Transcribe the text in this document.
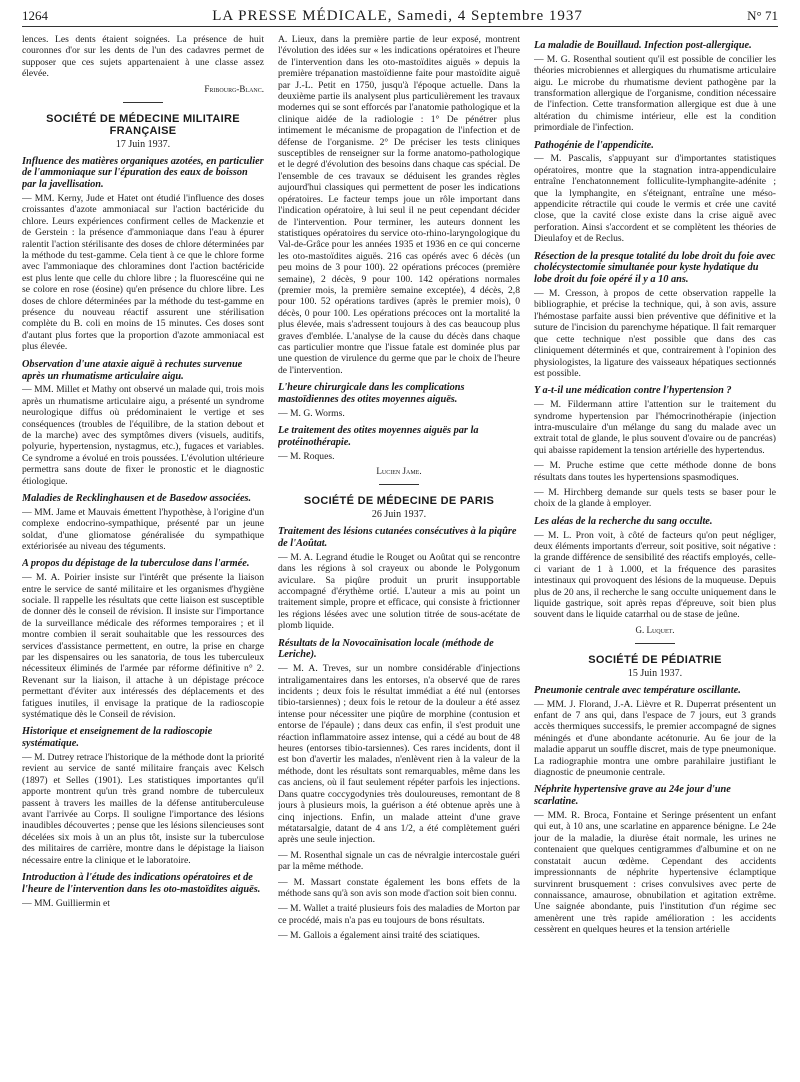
1264	LA PRESSE MÉDICALE, Samedi, 4 Septembre 1937	N° 71

lences. Les dents étaient soignées. La présence de huit couronnes d'or sur les dents de l'un des cadavres permet de supposer que ces sujets appartenaient à une classe assez élevée.

Fribourg-Blanc.
SOCIÉTÉ DE MÉDECINE MILITAIRE FRANÇAISE
17 Juin 1937.
Influence des matières organiques azotées, en particulier de l'ammoniaque sur l'épuration des eaux de boisson par la javellisation.

— MM. Kerny, Jude et Hatet ont étudié l'influence des doses croissantes d'azote ammoniacal sur l'action bactéricide du chlore. Leurs expériences confirment celles de Mackenzie et de Gerstein : la présence d'ammoniaque dans l'eau à épurer ralentit l'action stérilisante des doses de chlore déterminées par la méthode du test-gamme. Cela tient à ce que le chlore forme avec l'ammoniaque des chloramines dont l'action bactéricide est plus lente que celle du chlore libre ; la fluorescéine qui ne se colore en rose (éosine) qu'en présence du chlore libre. Les doses de chlore déterminées par la méthode du test-gamme en présence du nouveau réactif assurent une stérilisation complète du B. coli en moins de 15 minutes. Ces doses sont d'autant plus fortes que la proportion d'azote ammoniacal est plus élevée.

Observation d'une ataxie aiguë à rechutes survenue après un rhumatisme articulaire aigu.

— MM. Millet et Mathy ont observé un malade qui, trois mois après un rhumatisme articulaire aigu, a présenté un syndrome neurologique diffus où prédominaient le vertige et ses conséquences (troubles de l'équilibre, de la station debout et de la marche) avec des symptômes divers (visuels, auditifs, polyurie, hypertension, nystagmus, etc.), fugaces et variables. Ce syndrome a évolué en trois poussées. L'évolution ultérieure permettra sans doute de fixer le pronostic et le diagnostic étiologique.

Maladies de Recklinghausen et de Basedow associées.

— MM. Jame et Mauvais émettent l'hypothèse, à l'origine d'un complexe endocrino-sympathique, présenté par un jeune soldat, d'une gliomatose généralisée du sympathique extériorisée au niveau des téguments.

A propos du dépistage de la tuberculose dans l'armée.

— M. A. Poirier insiste sur l'intérêt que présente la liaison entre le service de santé militaire et les organismes d'hygiène sociale. Il rappelle les résultats que cette liaison est susceptible de donner dès le conseil de révision. Il insiste sur l'importance de la surveillance médicale des réformes temporaires ; et il montre combien il serait souhaitable que les ressources des services d'assistance permettent, en outre, la prise en charge par les dispensaires ou les sanatoria, de tous les tuberculeux nécessiteux éliminés de l'armée par réforme définitive n° 2. Revenant sur la liaison, il attache à un dépistage précoce permettant d'éviter aux intéressés des déplacements et des fatigues inutiles, il envisage la pratique de la radioscopie systématique dès le Conseil de révision.

Historique et enseignement de la radioscopie systématique.

— M. Dutrey retrace l'historique de la méthode dont la priorité revient au service de santé militaire français avec Kelsch (1897) et Selles (1901). Les statistiques importantes qu'il apporte montrent qu'un très grand nombre de tuberculeux passent à travers les mailles de la défense antituberculeuse avant l'arrivée au Corps. Il souligne l'importance des lésions inaudibles découvertes ; pense que les lésions silencieuses sont décelées six mois à un an plus tôt, insiste sur la tuberculose des militaires de carrière, montre dans le dépistage la liaison nécessaire entre la clinique et le laboratoire.

Introduction à l'étude des indications opératoires et de l'heure de l'intervention dans les oto-mastoïdites aiguës.

— MM. Guilliermin et

A. Lieux, dans la première partie de leur exposé, montrent l'évolution des idées sur « les indications opératoires et l'heure de l'intervention dans les oto-mastoïdites aiguës » depuis la première trépanation mastoïdienne faite pour mastoïdite aiguë par J.-L. Petit en 1750, jusqu'à l'époque actuelle. Dans la deuxième partie ils analysent plus particulièrement les travaux modernes qui se sont efforcés par l'anatomie pathologique et la clinique aidée de la radiologie : 1° De pénétrer plus intimement le mécanisme de propagation de l'infection et de défense de l'organisme. 2° De préciser les tests cliniques susceptibles de renseigner sur la forme anatomo-pathologique et le degré d'évolution des besoins dans chaque cas spécial. De l'ensemble de ces travaux se déduisent les grandes règles aujourd'hui classiques qui permettent de poser les indications opératoires. Le facteur temps joue un rôle important dans l'indication opératoire, à lui seul il ne peut cependant décider de l'intervention. Pour terminer, les auteurs donnent les statistiques opératoires du service oto-rhino-laryngologique du Val-de-Grâce pour les années 1935 et 1936 en ce qui concerne les oto-mastoïdites aiguës. 216 cas opérés avec 6 décès (un peu moins de 3 pour 100). 22 opérations précoces (première semaine), 2 décès, 9 pour 100. 142 opérations normales (premier mois, la première semaine exceptée), 4 décès, 2,8 pour 100. 52 opérations tardives (après le premier mois), 0 décès, 0 pour 100. Les opérations précoces ont la mortalité la plus élevée, mais s'adressent toujours à des cas beaucoup plus graves d'emblée. L'analyse de la cause du décès dans chaque cas particulier montre que l'issue fatale est dominée plus par une question de virulence du germe que par le choix de l'heure de l'intervention.

L'heure chirurgicale dans les complications mastoïdiennes des otites moyennes aiguës.

— M. G. Worms.

Le traitement des otites moyennes aiguës par la protéinothérapie.

— M. Roques.

Lucien Jame.
SOCIÉTÉ DE MÉDECINE DE PARIS
26 Juin 1937.
Traitement des lésions cutanées consécutives à la piqûre de l'Aoûtat.

— M. A. Legrand étudie le Rouget ou Aoûtat qui se rencontre dans les régions à sol crayeux ou abonde le Polygonum aviculare. Sa piqûre produit un prurit insupportable accompagné d'érythème ortié. L'auteur a mis au point un traitement simple, propre et efficace, qui consiste à frictionner les régions lésées avec une solution titrée de sous-acétate de plomb liquide.

Résultats de la Novocaïnisation locale (méthode de Leriche).

— M. A. Treves, sur un nombre considérable d'injections intraligamentaires dans les entorses, n'a observé que de rares incidents ; deux fois le résultat immédiat a été nul (entorses tibio-tarsiennes) ; deux fois le retour de la douleur a été assez intense pour nécessiter une piqûre de morphine (contusion et entorse de l'épaule) ; dans deux cas enfin, il s'est produit une réaction inflammatoire assez intense, qui a cédé au bout de 48 heures (entorses tibio-tarsiennes). Ces rares incidents, dont il est bon d'avertir les malades, n'enlèvent rien à la valeur de la méthode, dont les résultats sont remarquables, même dans les cas anciens, où il faut seulement répéter parfois les injections. Dans quatre coccygodynies très douloureuses, remontant de 8 jours à plusieurs mois, la guérison a été obtenue après une à cinq injections. Enfin, un malade atteint d'une grave métatarsalgie, datant de 4 ans 1/2, a été complètement guéri après une seule injection.

— M. Rosenthal signale un cas de névralgie intercostale guéri par la même méthode.

— M. Massart constate également les bons effets de la méthode sans qu'à son avis son mode d'action soit bien connu.

— M. Wallet a traité plusieurs fois des maladies de Morton par ce procédé, mais n'a pas eu toujours de bons résultats.

— M. Gallois a également ainsi traité des sciatiques.

La maladie de Bouillaud. Infection post-allergique.

— M. G. Rosenthal soutient qu'il est possible de concilier les théories microbiennes et allergiques du rhumatisme articulaire aigu. Le microbe du rhumatisme devient pathogène par la transformation allergique de l'organisme, condition nécessaire de l'infection. Cette transformation allergique est due à une altération du chimisme intérieur, elle est la condition primordiale de l'infection.

Pathogénie de l'appendicite.

— M. Pascalis, s'appuyant sur d'importantes statistiques opératoires, montre que la stagnation intra-appendiculaire entraîne l'enchatonnement folliculite-lymphangite-adénite ; que la lymphangite, en s'éteignant, entraîne une méso-appendicite rétractile qui coude le vermis et crée une cavité close, que la cavité close existe dans la crise aiguë avec perforation. Ainsi s'accordent et se complètent les théories de Dieulafoy et de Reclus.

Résection de la presque totalité du lobe droit du foie avec cholécystectomie simultanée pour kyste hydatique du lobe droit du foie opéré il y a 10 ans.

— M. Cresson, à propos de cette observation rappelle la bibliographie, et précise la technique, qui, à son avis, assure l'hémostase parfaite aussi bien préventive que définitive et la suture de l'incision du parenchyme hépatique. Il fait remarquer que cette technique n'est possible que dans des cas cliniquement déterminés et que, contrairement à l'opinion des physiologistes, la ligature des vaisseaux hépatiques sectionnés est possible.

Y a-t-il une médication contre l'hypertension ?

— M. Fildermann attire l'attention sur le traitement du syndrome hypertension par l'hémocrinothérapie (injection intra-musculaire d'un mélange du sang du malade avec un extrait total de glande, le plus souvent d'ovaire ou de pancréas) qui abaisse rapidement la tension artérielle des hypertendus.

— M. Pruche estime que cette méthode donne de bons résultats dans toutes les hypertensions spasmodiques.

— M. Hirchberg demande sur quels tests se baser pour le choix de la glande à employer.

Les aléas de la recherche du sang occulte.

— M. L. Pron voit, à côté de facteurs qu'on peut négliger, deux éléments importants d'erreur, soit positive, soit négative : la grande différence de sensibilité des réactifs employés, celle-ci variant de 1 à 1.000, et la fréquence des parasites intestinaux qui provoquent des lésions de la muqueuse. Depuis plus de 20 ans, il recherche le sang occulte uniquement dans le liquide gastrique, soit après repas d'épreuve, soit bien plus souvent dans le liquide catarrhal ou de stase de jeûne.

G. Luquet.
SOCIÉTÉ DE PÉDIATRIE
15 Juin 1937.
Pneumonie centrale avec température oscillante.

— MM. J. Florand, J.-A. Lièvre et R. Duperrat présentent un enfant de 7 ans qui, dans l'espace de 7 jours, eut 3 grands accès thermiques successifs, le premier accompagné de signes méningés et d'une abondante acétonurie. Au 6e jour de la maladie apparut un souffle discret, mais de type pneumonique. La radiographie montra une ombre parahilaire justifiant le diagnostic de pneumonie centrale.

Néphrite hypertensive grave au 24e jour d'une scarlatine.

— MM. R. Broca, Fontaine et Seringe présentent un enfant qui eut, à 10 ans, une scarlatine en apparence bénigne. Le 24e jour de la maladie, la diurèse était normale, les urines ne contenaient que quelques centigrammes d'albumine et on ne constatait aucun œdème. Cependant des accidents impressionnants de néphrite hypertensive éclamptique survinrent brusquement : crises convulsives avec perte de connaissance, amaurose, obnubilation et agitation extrême. Une saignée abondante, puis l'institution d'un régime sec amenèrent une très rapide amélioration : les accidents cessèrent en quelques heures et la tension artérielle
